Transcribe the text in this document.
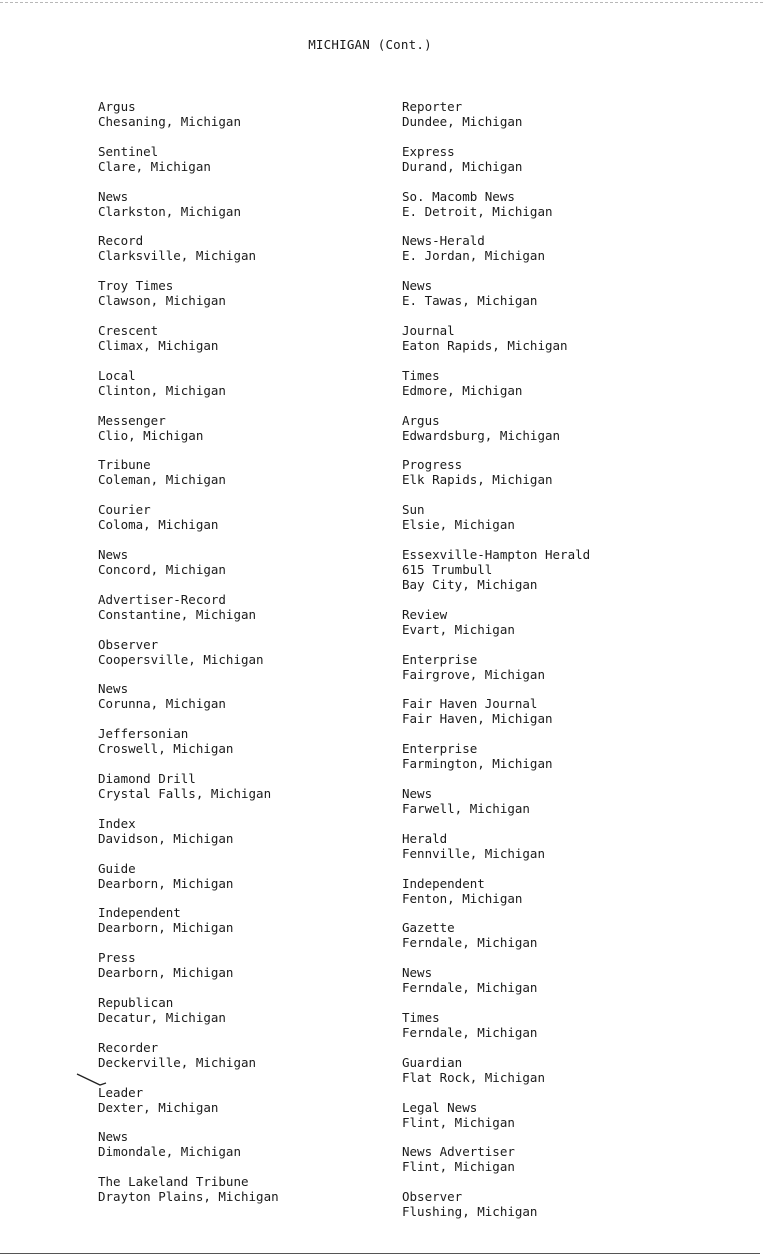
MICHIGAN (Cont.)
Argus
Chesaning, Michigan
Sentinel
Clare, Michigan
News
Clarkston, Michigan
Record
Clarksville, Michigan
Troy Times
Clawson, Michigan
Crescent
Climax, Michigan
Local
Clinton, Michigan
Messenger
Clio, Michigan
Tribune
Coleman, Michigan
Courier
Coloma, Michigan
News
Concord, Michigan
Advertiser-Record
Constantine, Michigan
Observer
Coopersville, Michigan
News
Corunna, Michigan
Jeffersonian
Croswell, Michigan
Diamond Drill
Crystal Falls, Michigan
Index
Davidson, Michigan
Guide
Dearborn, Michigan
Independent
Dearborn, Michigan
Press
Dearborn, Michigan
Republican
Decatur, Michigan
Recorder
Deckerville, Michigan
Leader
Dexter, Michigan
News
Dimondale, Michigan
The Lakeland Tribune
Drayton Plains, Michigan
Reporter
Dundee, Michigan
Express
Durand, Michigan
So. Macomb News
E. Detroit, Michigan
News-Herald
E. Jordan, Michigan
News
E. Tawas, Michigan
Journal
Eaton Rapids, Michigan
Times
Edmore, Michigan
Argus
Edwardsburg, Michigan
Progress
Elk Rapids, Michigan
Sun
Elsie, Michigan
Essexville-Hampton Herald
615 Trumbull
Bay City, Michigan
Review
Evart, Michigan
Enterprise
Fairgrove, Michigan
Fair Haven Journal
Fair Haven, Michigan
Enterprise
Farmington, Michigan
News
Farwell, Michigan
Herald
Fennville, Michigan
Independent
Fenton, Michigan
Gazette
Ferndale, Michigan
News
Ferndale, Michigan
Times
Ferndale, Michigan
Guardian
Flat Rock, Michigan
Legal News
Flint, Michigan
News Advertiser
Flint, Michigan
Observer
Flushing, Michigan
